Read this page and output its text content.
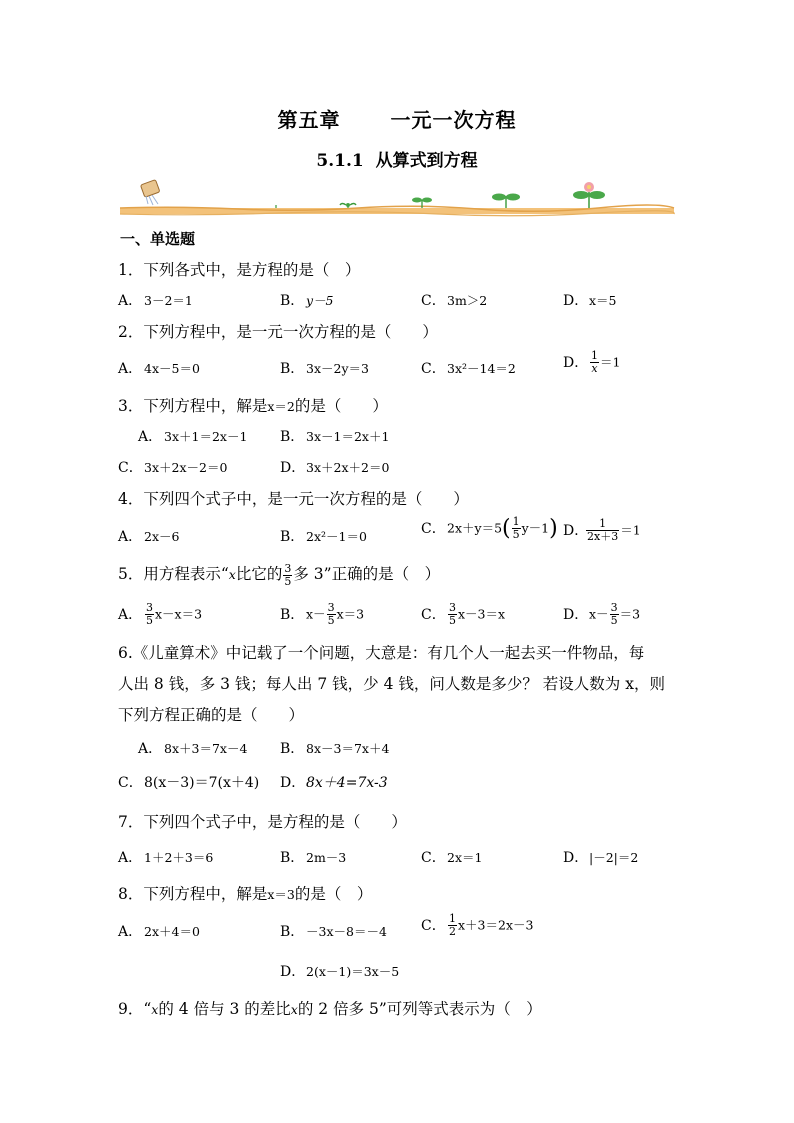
第五章	一元一次方程
5.1.1 从算式到方程
一、单选题
1．下列各式中，是方程的是（　）
A． 3－2＝1	B． y－5	C．3m＞2	D．x＝5
2．下列方程中，是一元一次方程的是（　　）
A． 4x－5＝0	B． 3x－2y＝3	C．3x²－14＝2	D． $\frac{1}{x} =1$
3．下列方程中，解是x＝2的是（　　）
A． 3x＋1＝2x－1 B． 3x－1＝2x＋1
C．3x＋2x－2＝0	D．3x＋2x＋2＝0
4．下列四个式子中，是一元一次方程的是（　　）
A． 2x－6	B． 2x²－1＝0	C．$2x+y=5( \frac{1}{5} y-1)$ D．
$\frac{1}{2x+3} =1$
5．用方程表示“x比它的 $\frac{3}{5}$ 多 3”正确的是（　）
A． $\frac{3}{5} x-x=3$	B． $x- \frac{3}{5} x=3$	C． $\frac{3}{5} x-3=x$	D．$x- \frac{3}{5} =3$
6.《儿童算术》中记载了一个问题，大意是：有几个人一起去买一件物品，每
人出 8 钱，多 3 钱；每人出 7 钱，少 4 钱，问人数是多少？ 若设人数为 x，则
下列方程正确的是（　　）
A． 8x＋3＝7x－4 B． 8x－3＝7x＋4
C．8(x－3)＝7(x＋4) D．8x＋4=7x-3
7．下列四个式子中，是方程的是（　　）
A． 1＋2＋3＝6	B． 2m－3	C．2x＝1	D．|－2|＝2
8．下列方程中，解是x＝3的是（　）
A． 2x＋4＝0	B． －3x－8＝－4 C． $\frac{1}{2} x+3=2x-3$
D．2(x－1)＝3x－5
9．“x的 4 倍与 3 的差比x的 2 倍多 5”可列等式表示为（　）
